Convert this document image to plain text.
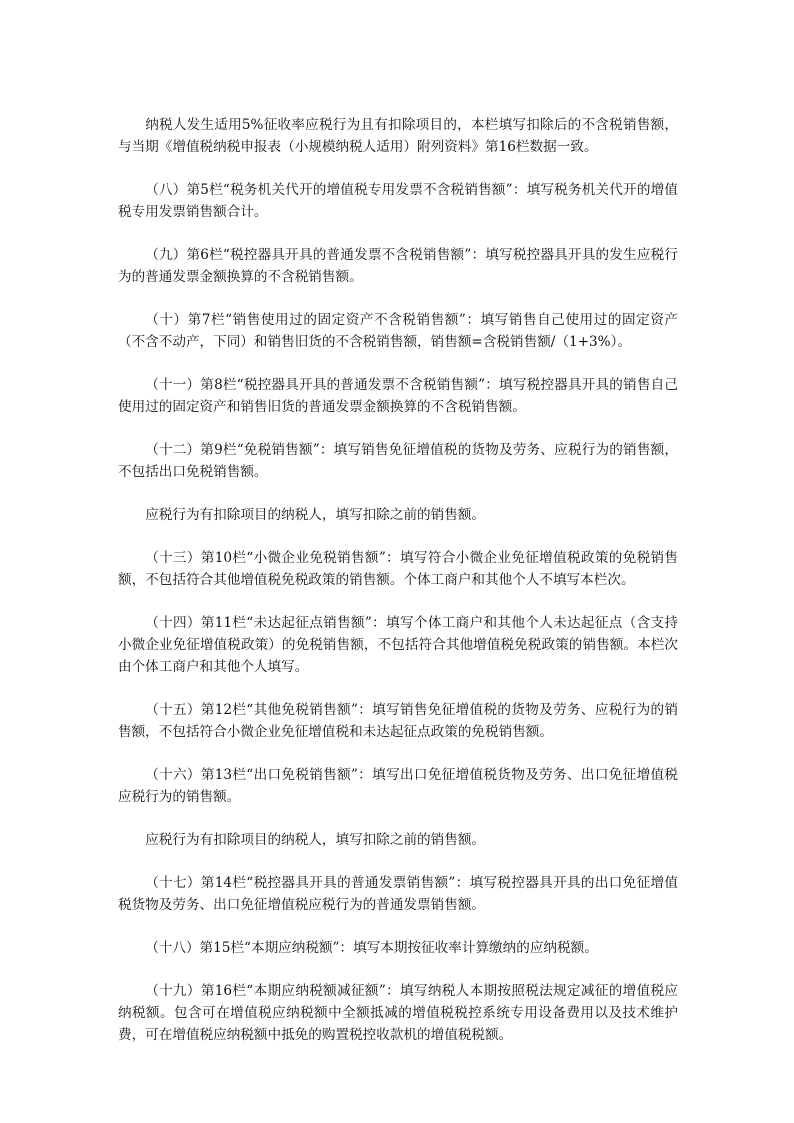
纳税人发生适用5%征收率应税行为且有扣除项目的，本栏填写扣除后的不含税销售额，与当期《增值税纳税申报表（小规模纳税人适用）附列资料》第16栏数据一致。

（八）第5栏“税务机关代开的增值税专用发票不含税销售额”：填写税务机关代开的增值税专用发票销售额合计。

（九）第6栏“税控器具开具的普通发票不含税销售额”：填写税控器具开具的发生应税行为的普通发票金额换算的不含税销售额。

（十）第7栏“销售使用过的固定资产不含税销售额”：填写销售自己使用过的固定资产（不含不动产，下同）和销售旧货的不含税销售额，销售额=含税销售额/（1+3%）。

（十一）第8栏“税控器具开具的普通发票不含税销售额”：填写税控器具开具的销售自己使用过的固定资产和销售旧货的普通发票金额换算的不含税销售额。

（十二）第9栏“免税销售额”：填写销售免征增值税的货物及劳务、应税行为的销售额，不包括出口免税销售额。

应税行为有扣除项目的纳税人，填写扣除之前的销售额。

（十三）第10栏“小微企业免税销售额”：填写符合小微企业免征增值税政策的免税销售额，不包括符合其他增值税免税政策的销售额。个体工商户和其他个人不填写本栏次。

（十四）第11栏“未达起征点销售额”：填写个体工商户和其他个人未达起征点（含支持小微企业免征增值税政策）的免税销售额，不包括符合其他增值税免税政策的销售额。本栏次由个体工商户和其他个人填写。

（十五）第12栏“其他免税销售额”：填写销售免征增值税的货物及劳务、应税行为的销售额，不包括符合小微企业免征增值税和未达起征点政策的免税销售额。

（十六）第13栏“出口免税销售额”：填写出口免征增值税货物及劳务、出口免征增值税应税行为的销售额。

应税行为有扣除项目的纳税人，填写扣除之前的销售额。

（十七）第14栏“税控器具开具的普通发票销售额”：填写税控器具开具的出口免征增值税货物及劳务、出口免征增值税应税行为的普通发票销售额。

（十八）第15栏“本期应纳税额”：填写本期按征收率计算缴纳的应纳税额。

（十九）第16栏“本期应纳税额减征额”：填写纳税人本期按照税法规定减征的增值税应纳税额。包含可在增值税应纳税额中全额抵减的增值税税控系统专用设备费用以及技术维护费，可在增值税应纳税额中抵免的购置税控收款机的增值税税额。
